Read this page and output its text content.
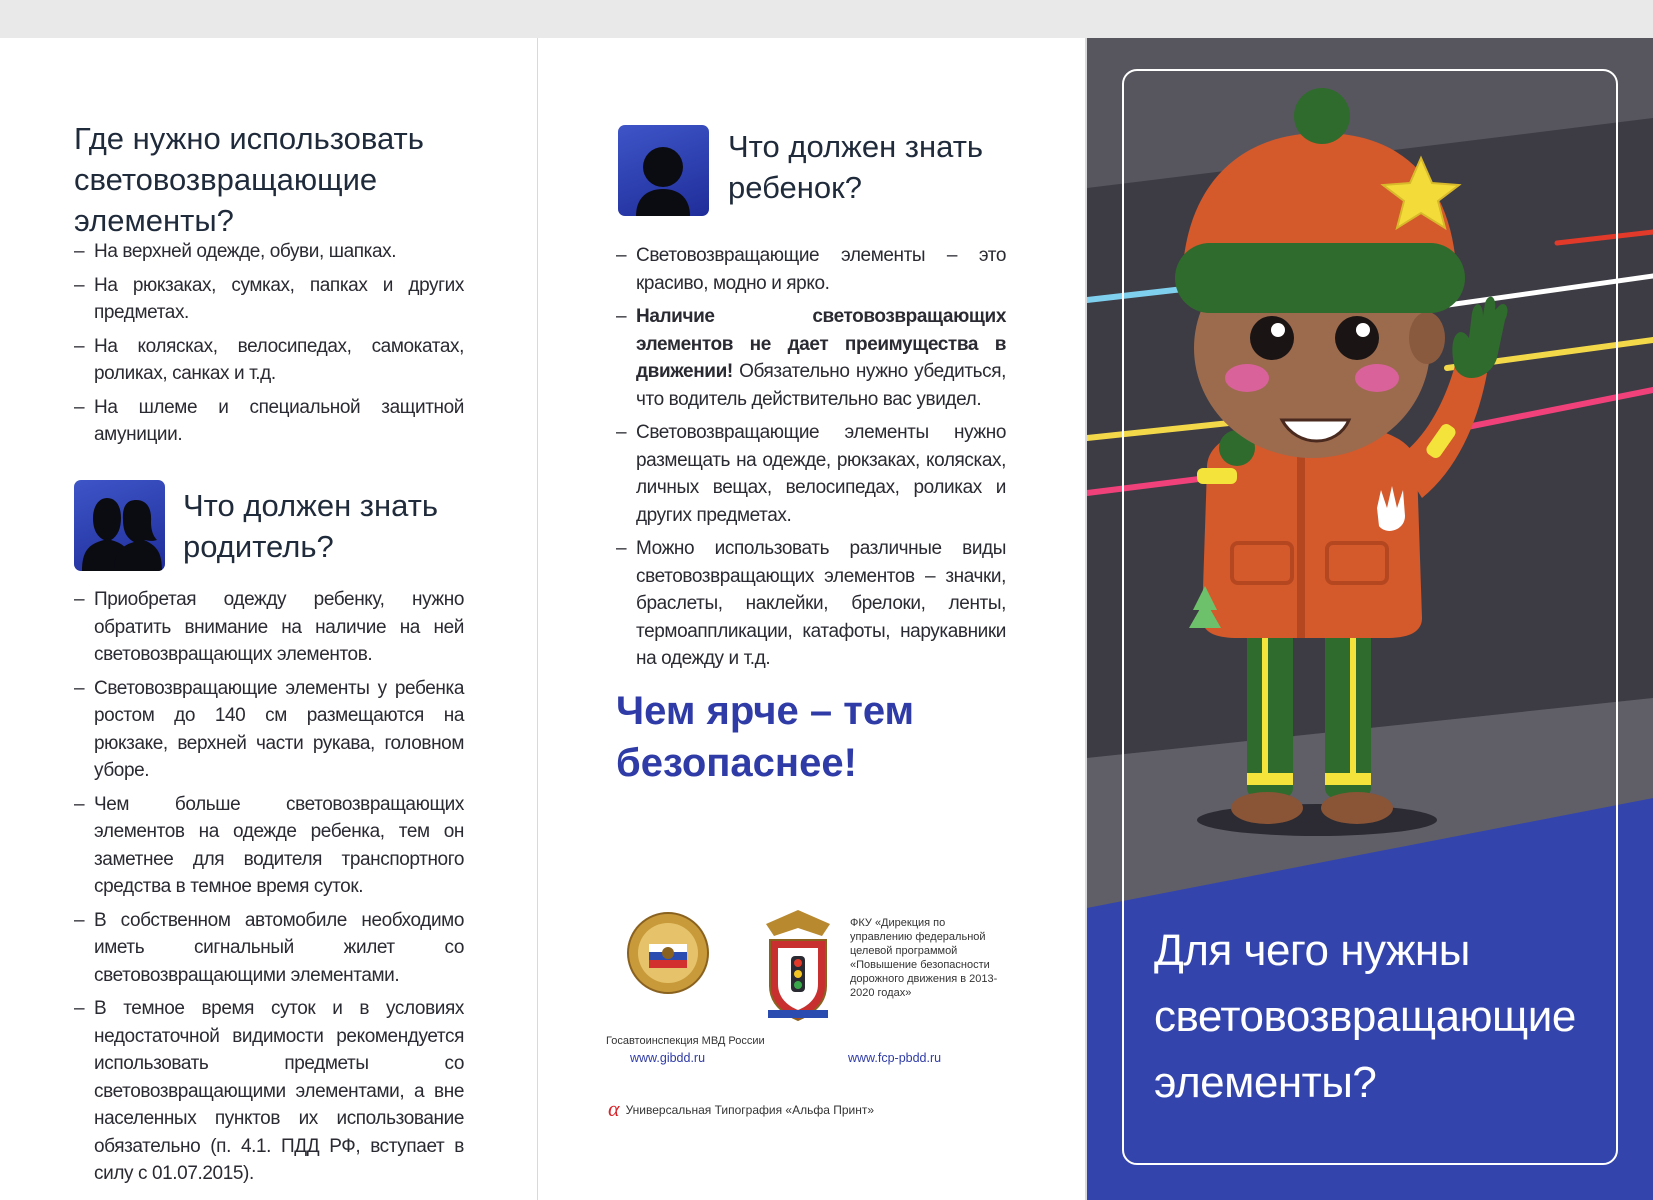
Где нужно использовать
световозвращающие
элементы?
– На верхней одежде, обуви, шапках.
– На рюкзаках, сумках, папках и других предметах.
– На колясках, велосипедах, самокатах, роликах, санках и т.д.
– На шлеме и специальной защитной амуниции.
Что должен знать
родитель?
– Приобретая одежду ребенку, нужно обратить внимание на наличие на ней световозвращающих элементов.
– Световозвращающие элементы у ребенка ростом до 140 см размещаются на рюкзаке, верхней части рукава, головном уборе.
– Чем больше световозвращающих элементов на одежде ребенка, тем он заметнее для водителя транспортного средства в темное время суток.
– В собственном автомобиле необходимо иметь сигнальный жилет со световозвращающими элементами.
– В темное время суток и в условиях недостаточной видимости рекомендуется использовать предметы со световозвращающими элементами, а вне населенных пунктов их использование обязательно (п. 4.1. ПДД РФ, вступает в силу с 01.07.2015).
Что должен знать
ребенок?
– Световозвращающие элементы – это красиво, модно и ярко.
– Наличие световозвращающих элементов не дает преимущества в движении! Обязательно нужно убедиться, что водитель действительно вас увидел.
– Световозвращающие элементы нужно размещать на одежде, рюкзаках, колясках, личных вещах, велосипедах, роликах и других предметах.
– Можно использовать различные виды световозвращающих элементов – значки, браслеты, наклейки, брелоки, ленты, термоаппликации, катафоты, нарукавники на одежду и т.д.
Чем ярче – тем
безопаснее!
Госавтоинспекция МВД России
www.gibdd.ru
ФКУ «Дирекция по управлению федеральной целевой программой «Повышение безопасности дорожного движения в 2013-2020 годах»
www.fcp-pbdd.ru
α Универсальная Типография «Альфа Принт»
Для чего нужны
световозвращающие
элементы?
